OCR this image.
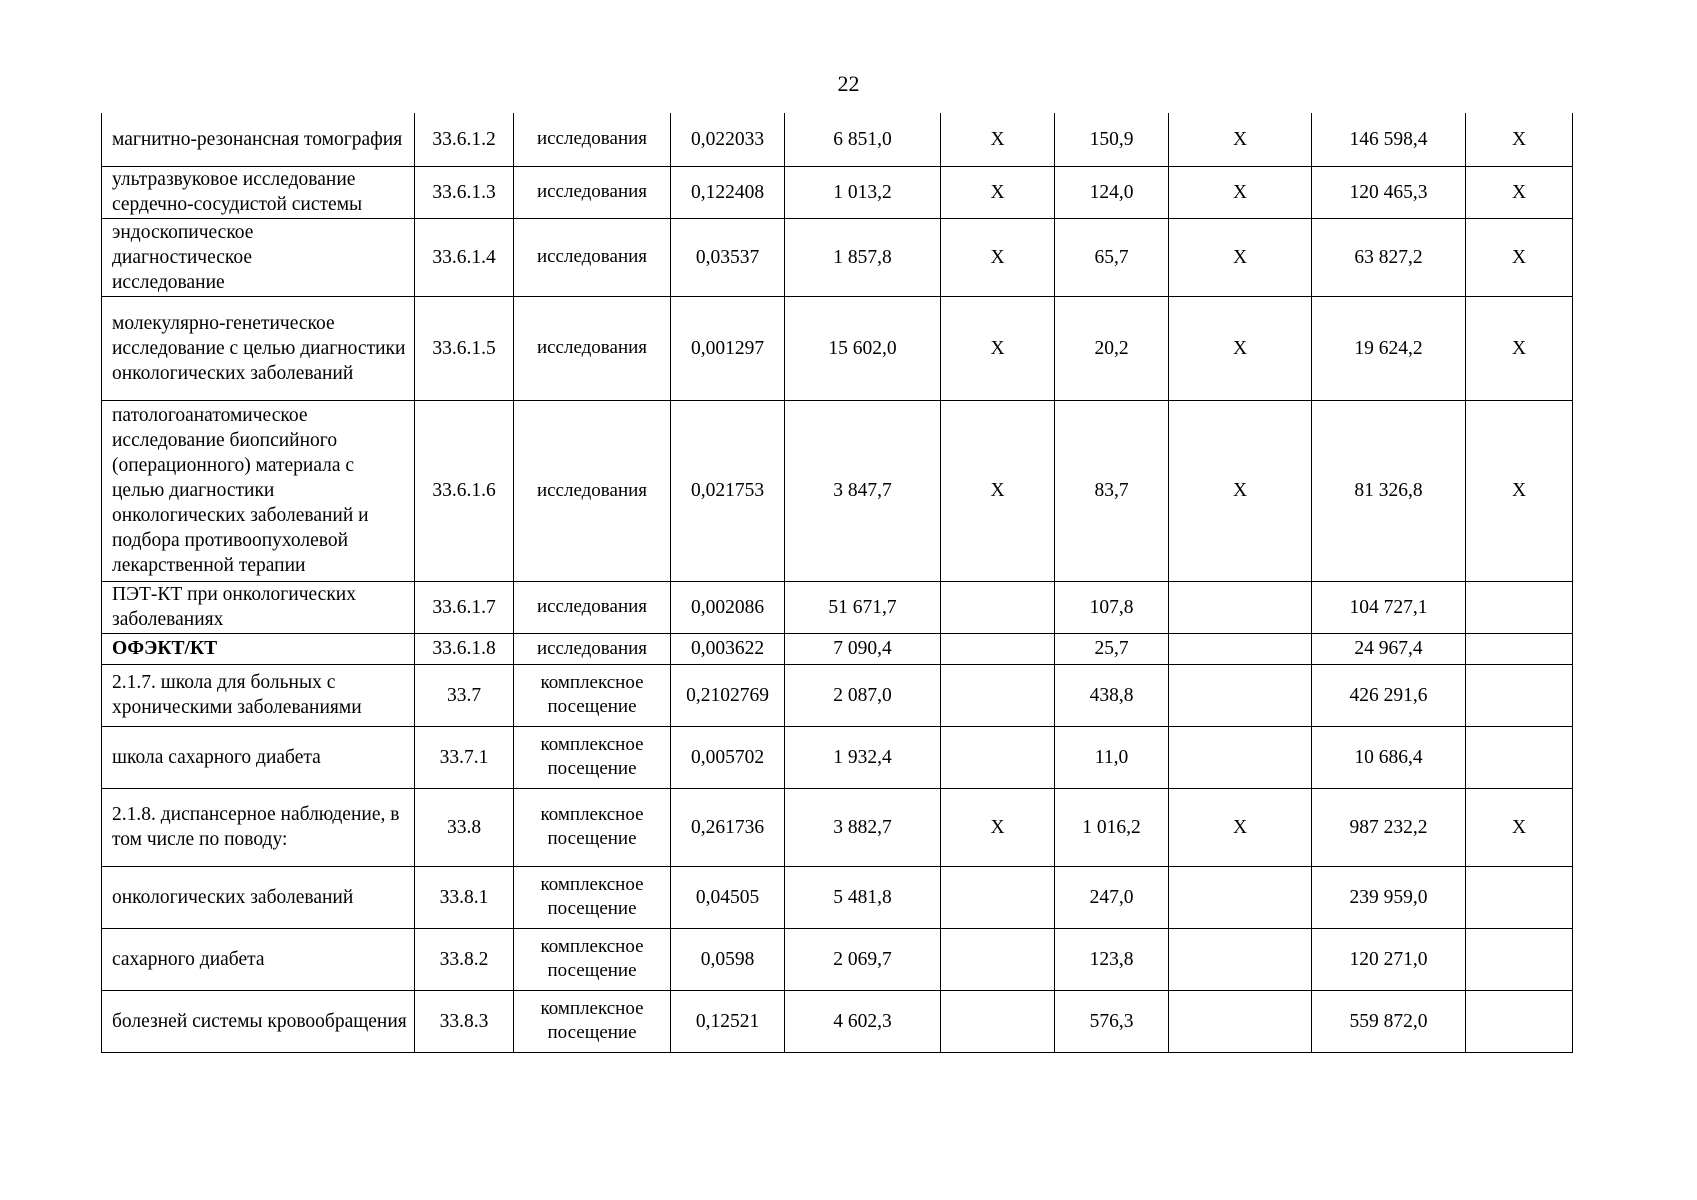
22
магнитно-резонансная томография	33.6.1.2	исследования	0,022033	6 851,0	X	150,9	X	146 598,4	X
ультразвуковое исследование сердечно-сосудистой системы	33.6.1.3	исследования	0,122408	1 013,2	X	124,0	X	120 465,3	X
эндоскопическое диагностическое исследование	33.6.1.4	исследования	0,03537	1 857,8	X	65,7	X	63 827,2	X
молекулярно-генетическое исследование с целью диагностики онкологических заболеваний	33.6.1.5	исследования	0,001297	15 602,0	X	20,2	X	19 624,2	X
патологоанатомическое исследование биопсийного (операционного) материала с целью диагностики онкологических заболеваний и подбора противоопухолевой лекарственной терапии	33.6.1.6	исследования	0,021753	3 847,7	X	83,7	X	81 326,8	X
ПЭТ-КТ при онкологических заболеваниях	33.6.1.7	исследования	0,002086	51 671,7		107,8		104 727,1	
ОФЭКТ/КТ	33.6.1.8	исследования	0,003622	7 090,4		25,7		24 967,4	
2.1.7. школа для больных с хроническими заболеваниями	33.7	комплексное посещение	0,2102769	2 087,0		438,8		426 291,6	
школа сахарного диабета	33.7.1	комплексное посещение	0,005702	1 932,4		11,0		10 686,4	
2.1.8. диспансерное наблюдение, в том числе по поводу:	33.8	комплексное посещение	0,261736	3 882,7	X	1 016,2	X	987 232,2	X
онкологических заболеваний	33.8.1	комплексное посещение	0,04505	5 481,8		247,0		239 959,0	
сахарного диабета	33.8.2	комплексное посещение	0,0598	2 069,7		123,8		120 271,0	
болезней системы кровообращения	33.8.3	комплексное посещение	0,12521	4 602,3		576,3		559 872,0	
